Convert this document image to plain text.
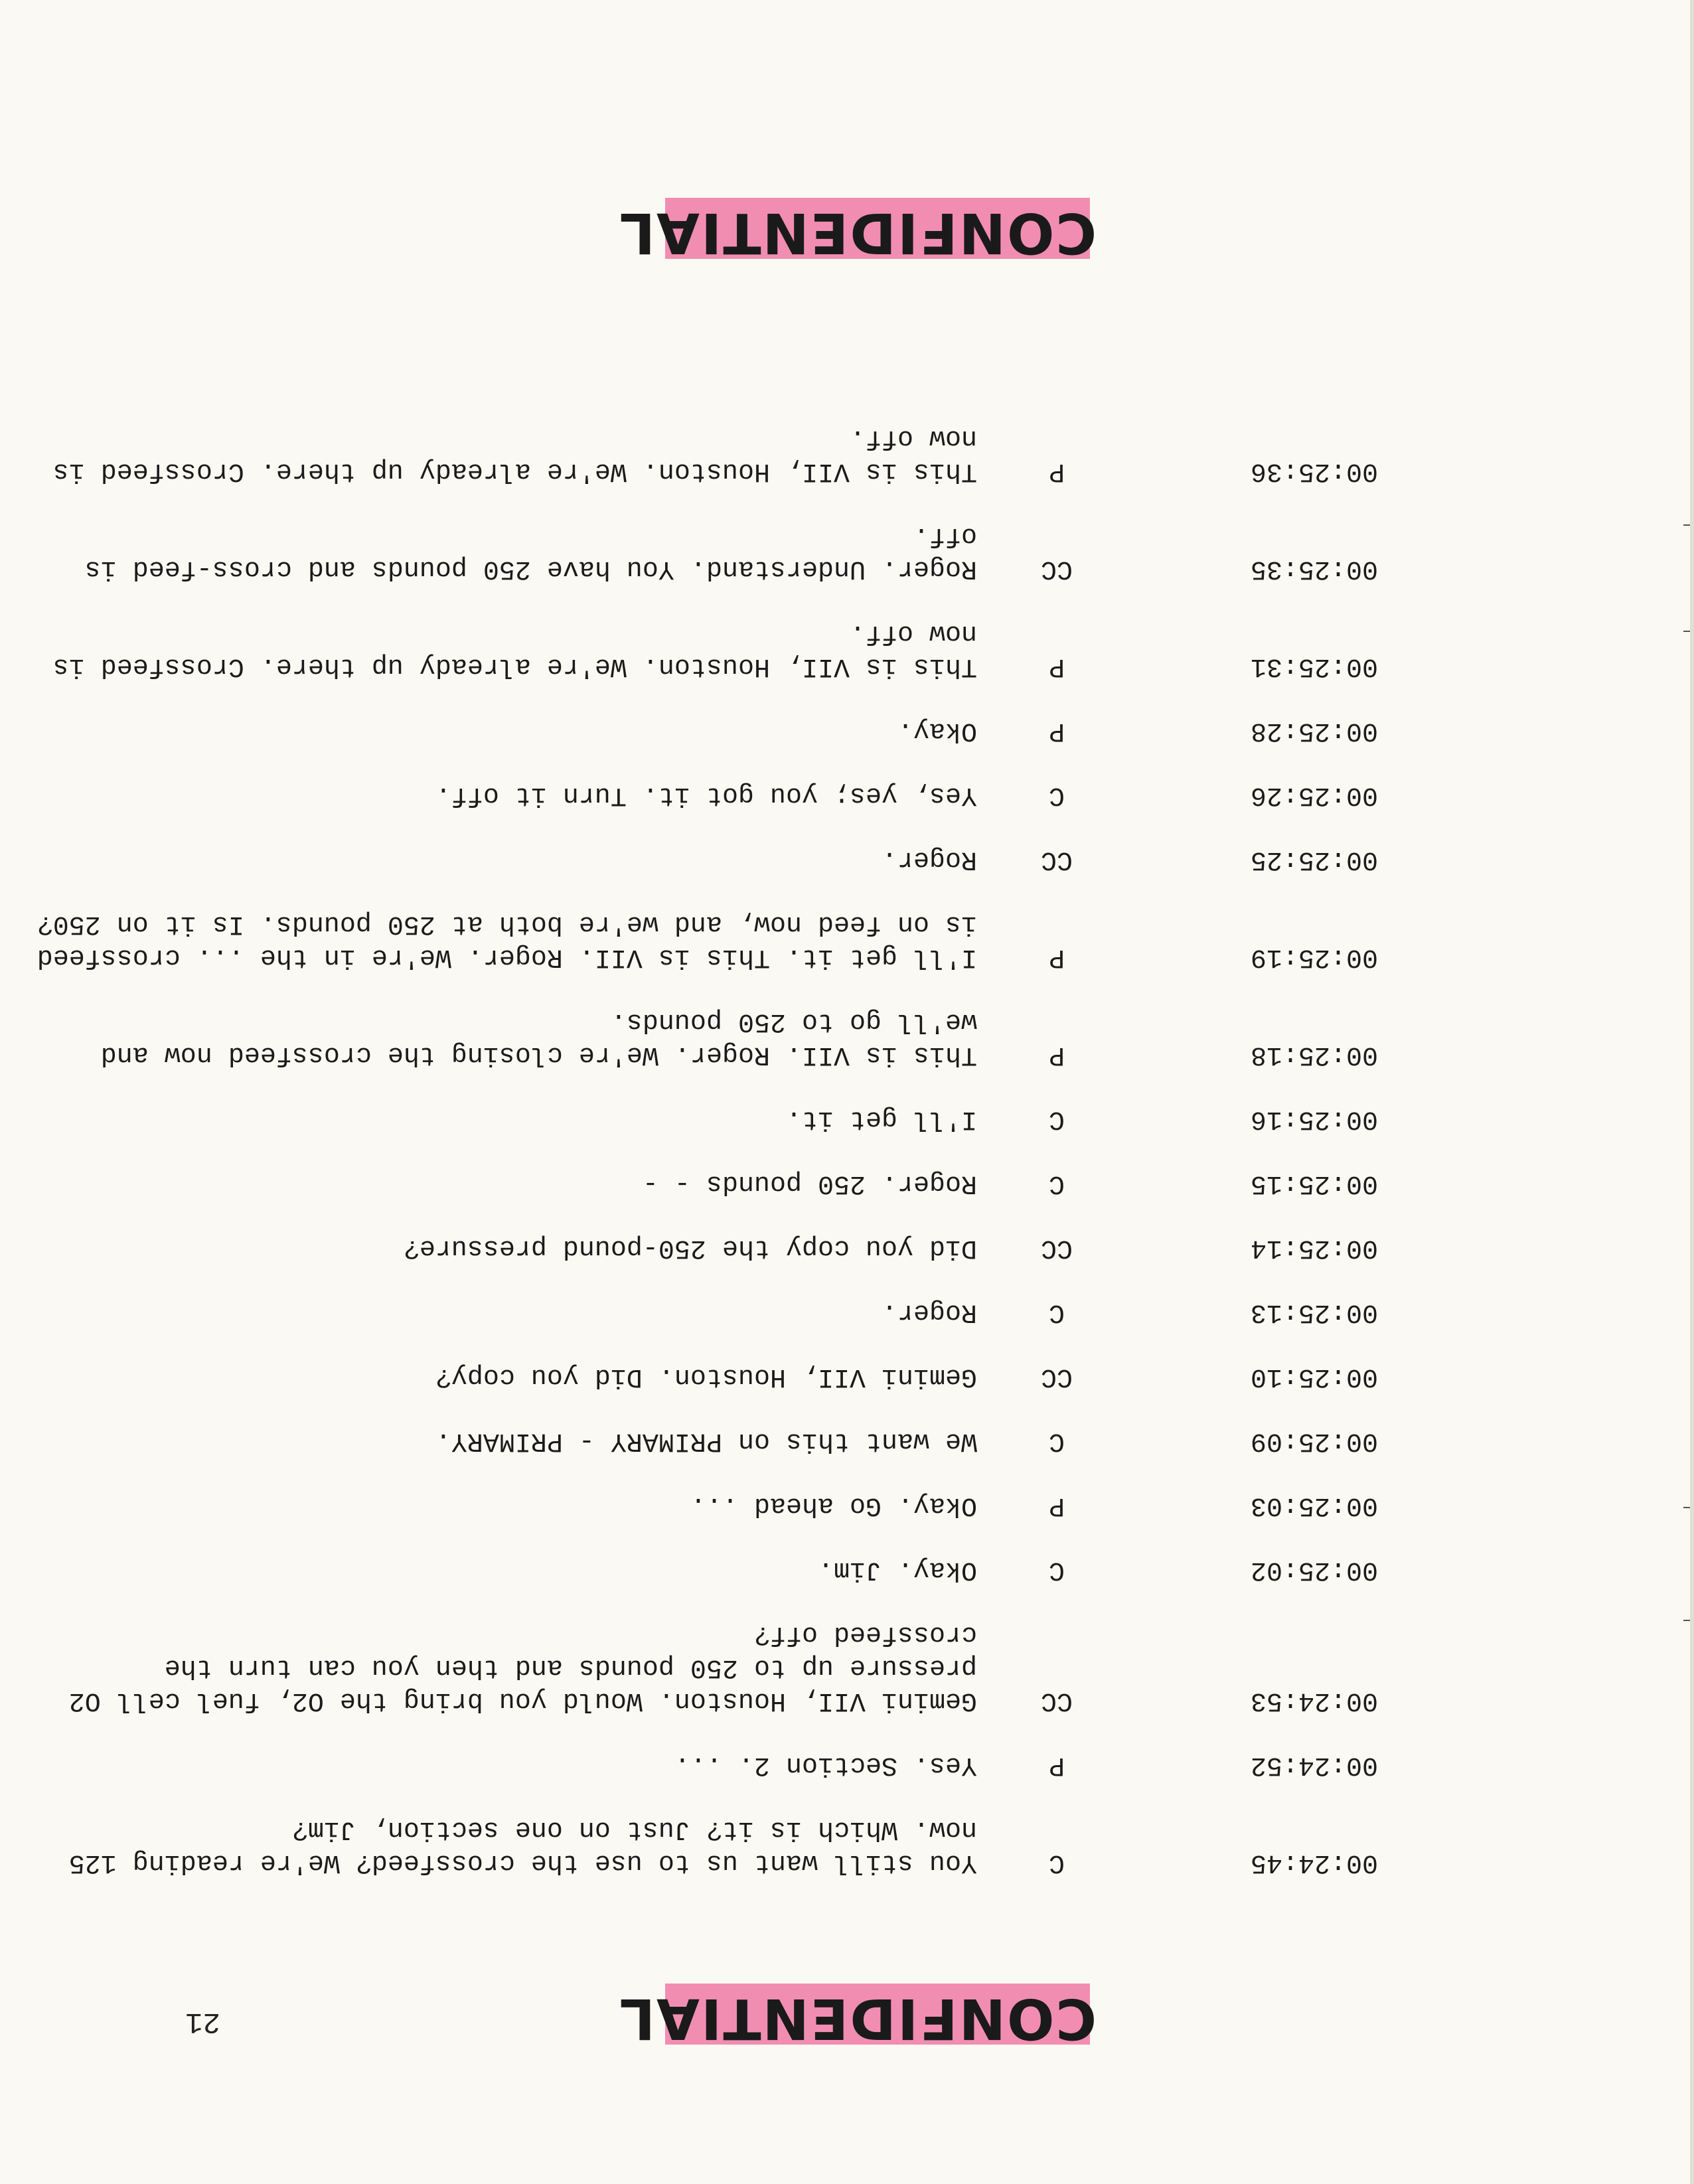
CONFIDENTIAL
21
00:24:45
C
You still want us to use the crossfeed? We're reading 125 now. Which is it? Just on one section, Jim?
00:24:52
P
Yes. Section 2. ...
00:24:53
CC
Gemini VII, Houston. Would you bring the O2, fuel cell O2 pressure up to 250 pounds and then you can turn the crossfeed off?
00:25:02
C
Okay. Jim.
00:25:03
P
Okay. Go ahead ...
00:25:09
C
We want this on PRIMARY - PRIMARY.
00:25:10
CC
Gemini VII, Houston. Did you copy?
00:25:13
C
Roger.
00:25:14
CC
Did you copy the 250-pound pressure?
00:25:15
C
Roger. 250 pounds - -
00:25:16
C
I'll get it.
00:25:18
P
This is VII. Roger. We're closing the crossfeed now and we'll go to 250 pounds.
00:25:19
P
I'll get it. This is VII. Roger. We're in the ... crossfeed is on feed now, and we're both at 250 pounds. Is it on 250?
00:25:25
CC
Roger.
00:25:26
C
Yes, yes; you got it. Turn it off.
00:25:28
P
Okay.
00:25:31
P
This is VII, Houston. We're already up there. Crossfeed is now off.
00:25:35
CC
Roger. Understand. You have 250 pounds and cross-feed is off.
00:25:36
P
This is VII, Houston. We're already up there. Crossfeed is now off.
CONFIDENTIAL
